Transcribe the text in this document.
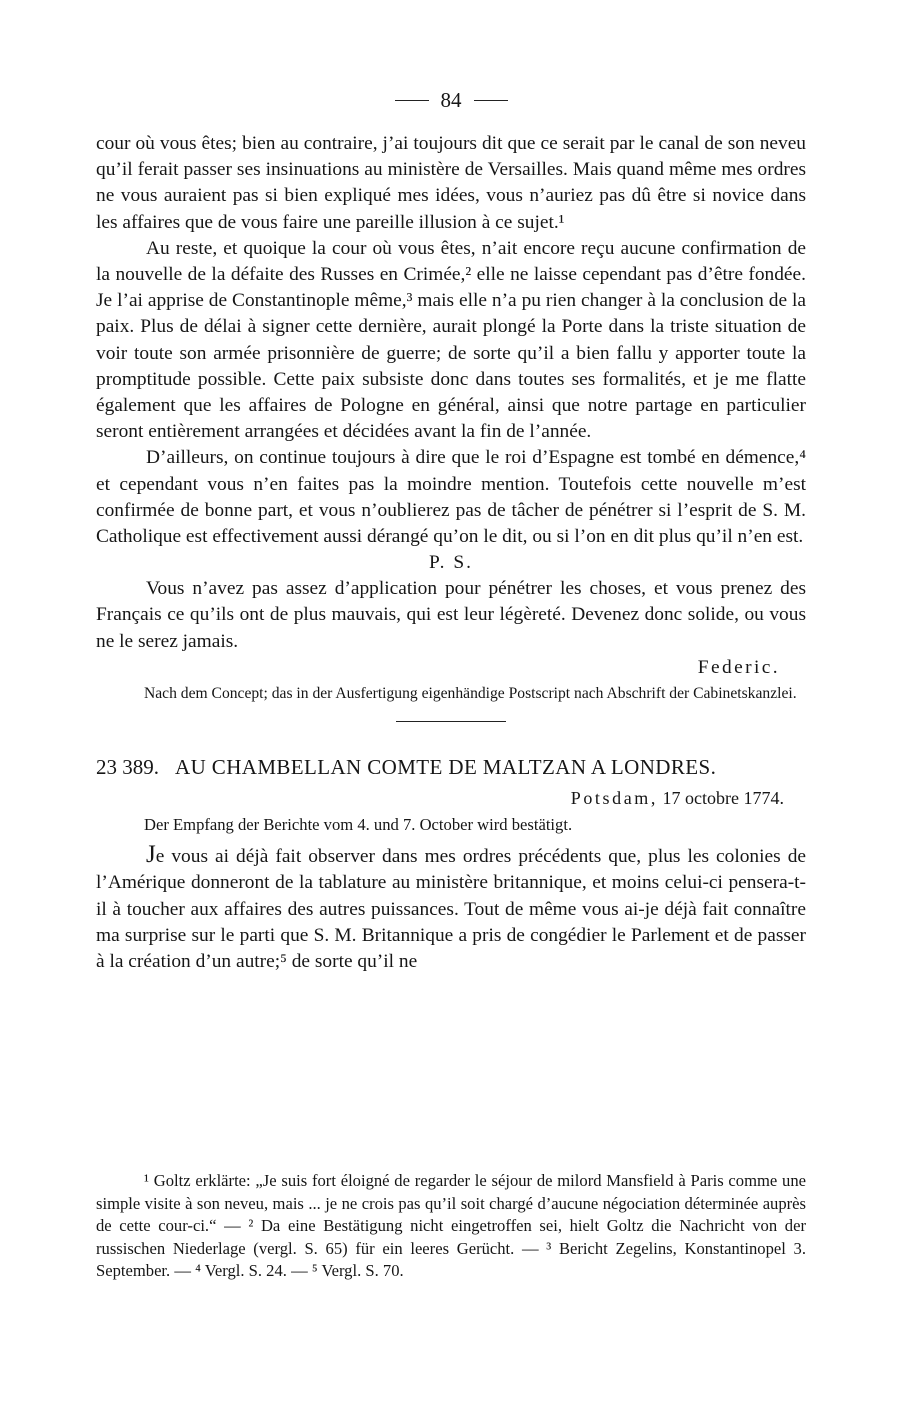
84

cour où vous êtes; bien au contraire, j’ai toujours dit que ce serait par le canal de son neveu qu’il ferait passer ses insinuations au ministère de Versailles. Mais quand même mes ordres ne vous auraient pas si bien expliqué mes idées, vous n’auriez pas dû être si novice dans les affaires que de vous faire une pareille illusion à ce sujet.¹

Au reste, et quoique la cour où vous êtes, n’ait encore reçu aucune confirmation de la nouvelle de la défaite des Russes en Crimée,² elle ne laisse cependant pas d’être fondée. Je l’ai apprise de Constantinople même,³ mais elle n’a pu rien changer à la conclusion de la paix. Plus de délai à signer cette dernière, aurait plongé la Porte dans la triste situation de voir toute son armée prisonnière de guerre; de sorte qu’il a bien fallu y apporter toute la promptitude possible. Cette paix subsiste donc dans toutes ses formalités, et je me flatte également que les affaires de Pologne en général, ainsi que notre partage en particulier seront entièrement arrangées et décidées avant la fin de l’année.

D’ailleurs, on continue toujours à dire que le roi d’Espagne est tombé en démence,⁴ et cependant vous n’en faites pas la moindre mention. Toutefois cette nouvelle m’est confirmée de bonne part, et vous n’oublierez pas de tâcher de pénétrer si l’esprit de S. M. Catholique est effectivement aussi dérangé qu’on le dit, ou si l’on en dit plus qu’il n’en est.

P. S.

Vous n’avez pas assez d’application pour pénétrer les choses, et vous prenez des Français ce qu’ils ont de plus mauvais, qui est leur légèreté. Devenez donc solide, ou vous ne le serez jamais.

Federic.

Nach dem Concept; das in der Ausfertigung eigenhändige Postscript nach Abschrift der Cabinetskanzlei.

23 389. AU CHAMBELLAN COMTE DE MALTZAN A LONDRES.
Potsdam, 17 octobre 1774.

Der Empfang der Berichte vom 4. und 7. October wird bestätigt.

Je vous ai déjà fait observer dans mes ordres précédents que, plus les colonies de l’Amérique donneront de la tablature au ministère britannique, et moins celui-ci pensera-t-il à toucher aux affaires des autres puissances. Tout de même vous ai-je déjà fait connaître ma surprise sur le parti que S. M. Britannique a pris de congédier le Parlement et de passer à la création d’un autre;⁵ de sorte qu’il ne

¹ Goltz erklärte: „Je suis fort éloigné de regarder le séjour de milord Mansfield à Paris comme une simple visite à son neveu, mais ... je ne crois pas qu’il soit chargé d’aucune négociation déterminée auprès de cette cour-ci.“ — ² Da eine Bestätigung nicht eingetroffen sei, hielt Goltz die Nachricht von der russischen Niederlage (vergl. S. 65) für ein leeres Gerücht. — ³ Bericht Zegelins, Konstantinopel 3. September. — ⁴ Vergl. S. 24. — ⁵ Vergl. S. 70.
